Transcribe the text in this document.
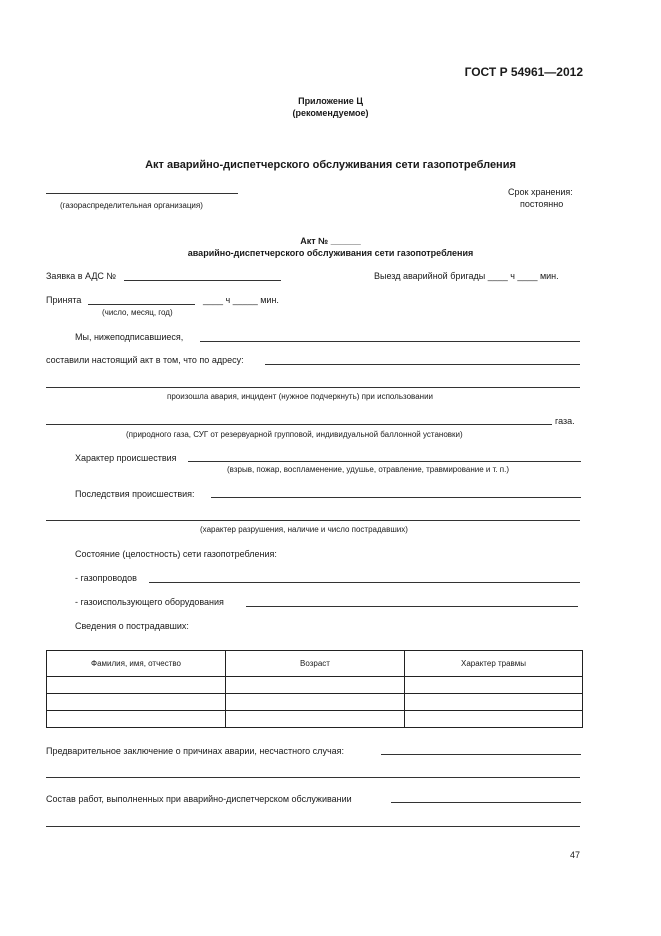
ГОСТ Р 54961—2012
Приложение Ц
(рекомендуемое)
Акт аварийно-диспетчерского обслуживания сети газопотребления
(газораспределительная организация)
Срок хранения:
постоянно
Акт № ______
аварийно-диспетчерского обслуживания сети газопотребления
Заявка в АДС №	Выезд аварийной бригады ____ ч ____ мин.
Принята	____ ч _____ мин.
(число, месяц, год)
Мы, нижеподписавшиеся,
составили настоящий акт в том, что по адресу:
произошла авария, инцидент (нужное подчеркнуть) при использовании
газа.
(природного газа, СУГ от резервуарной групповой, индивидуальной баллонной установки)
Характер происшествия
(взрыв, пожар, воспламенение, удушье, отравление, травмирование и т. п.)
Последствия происшествия:
(характер разрушения, наличие и число пострадавших)
Состояние (целостность) сети газопотребления:
- газопроводов
- газоиспользующего оборудования
Сведения о пострадавших:
Фамилия, имя, отчество	Возраст	Характер травмы

Предварительное заключение о причинах аварии, несчастного случая:
Состав работ, выполненных при аварийно-диспетчерском обслуживании
47
